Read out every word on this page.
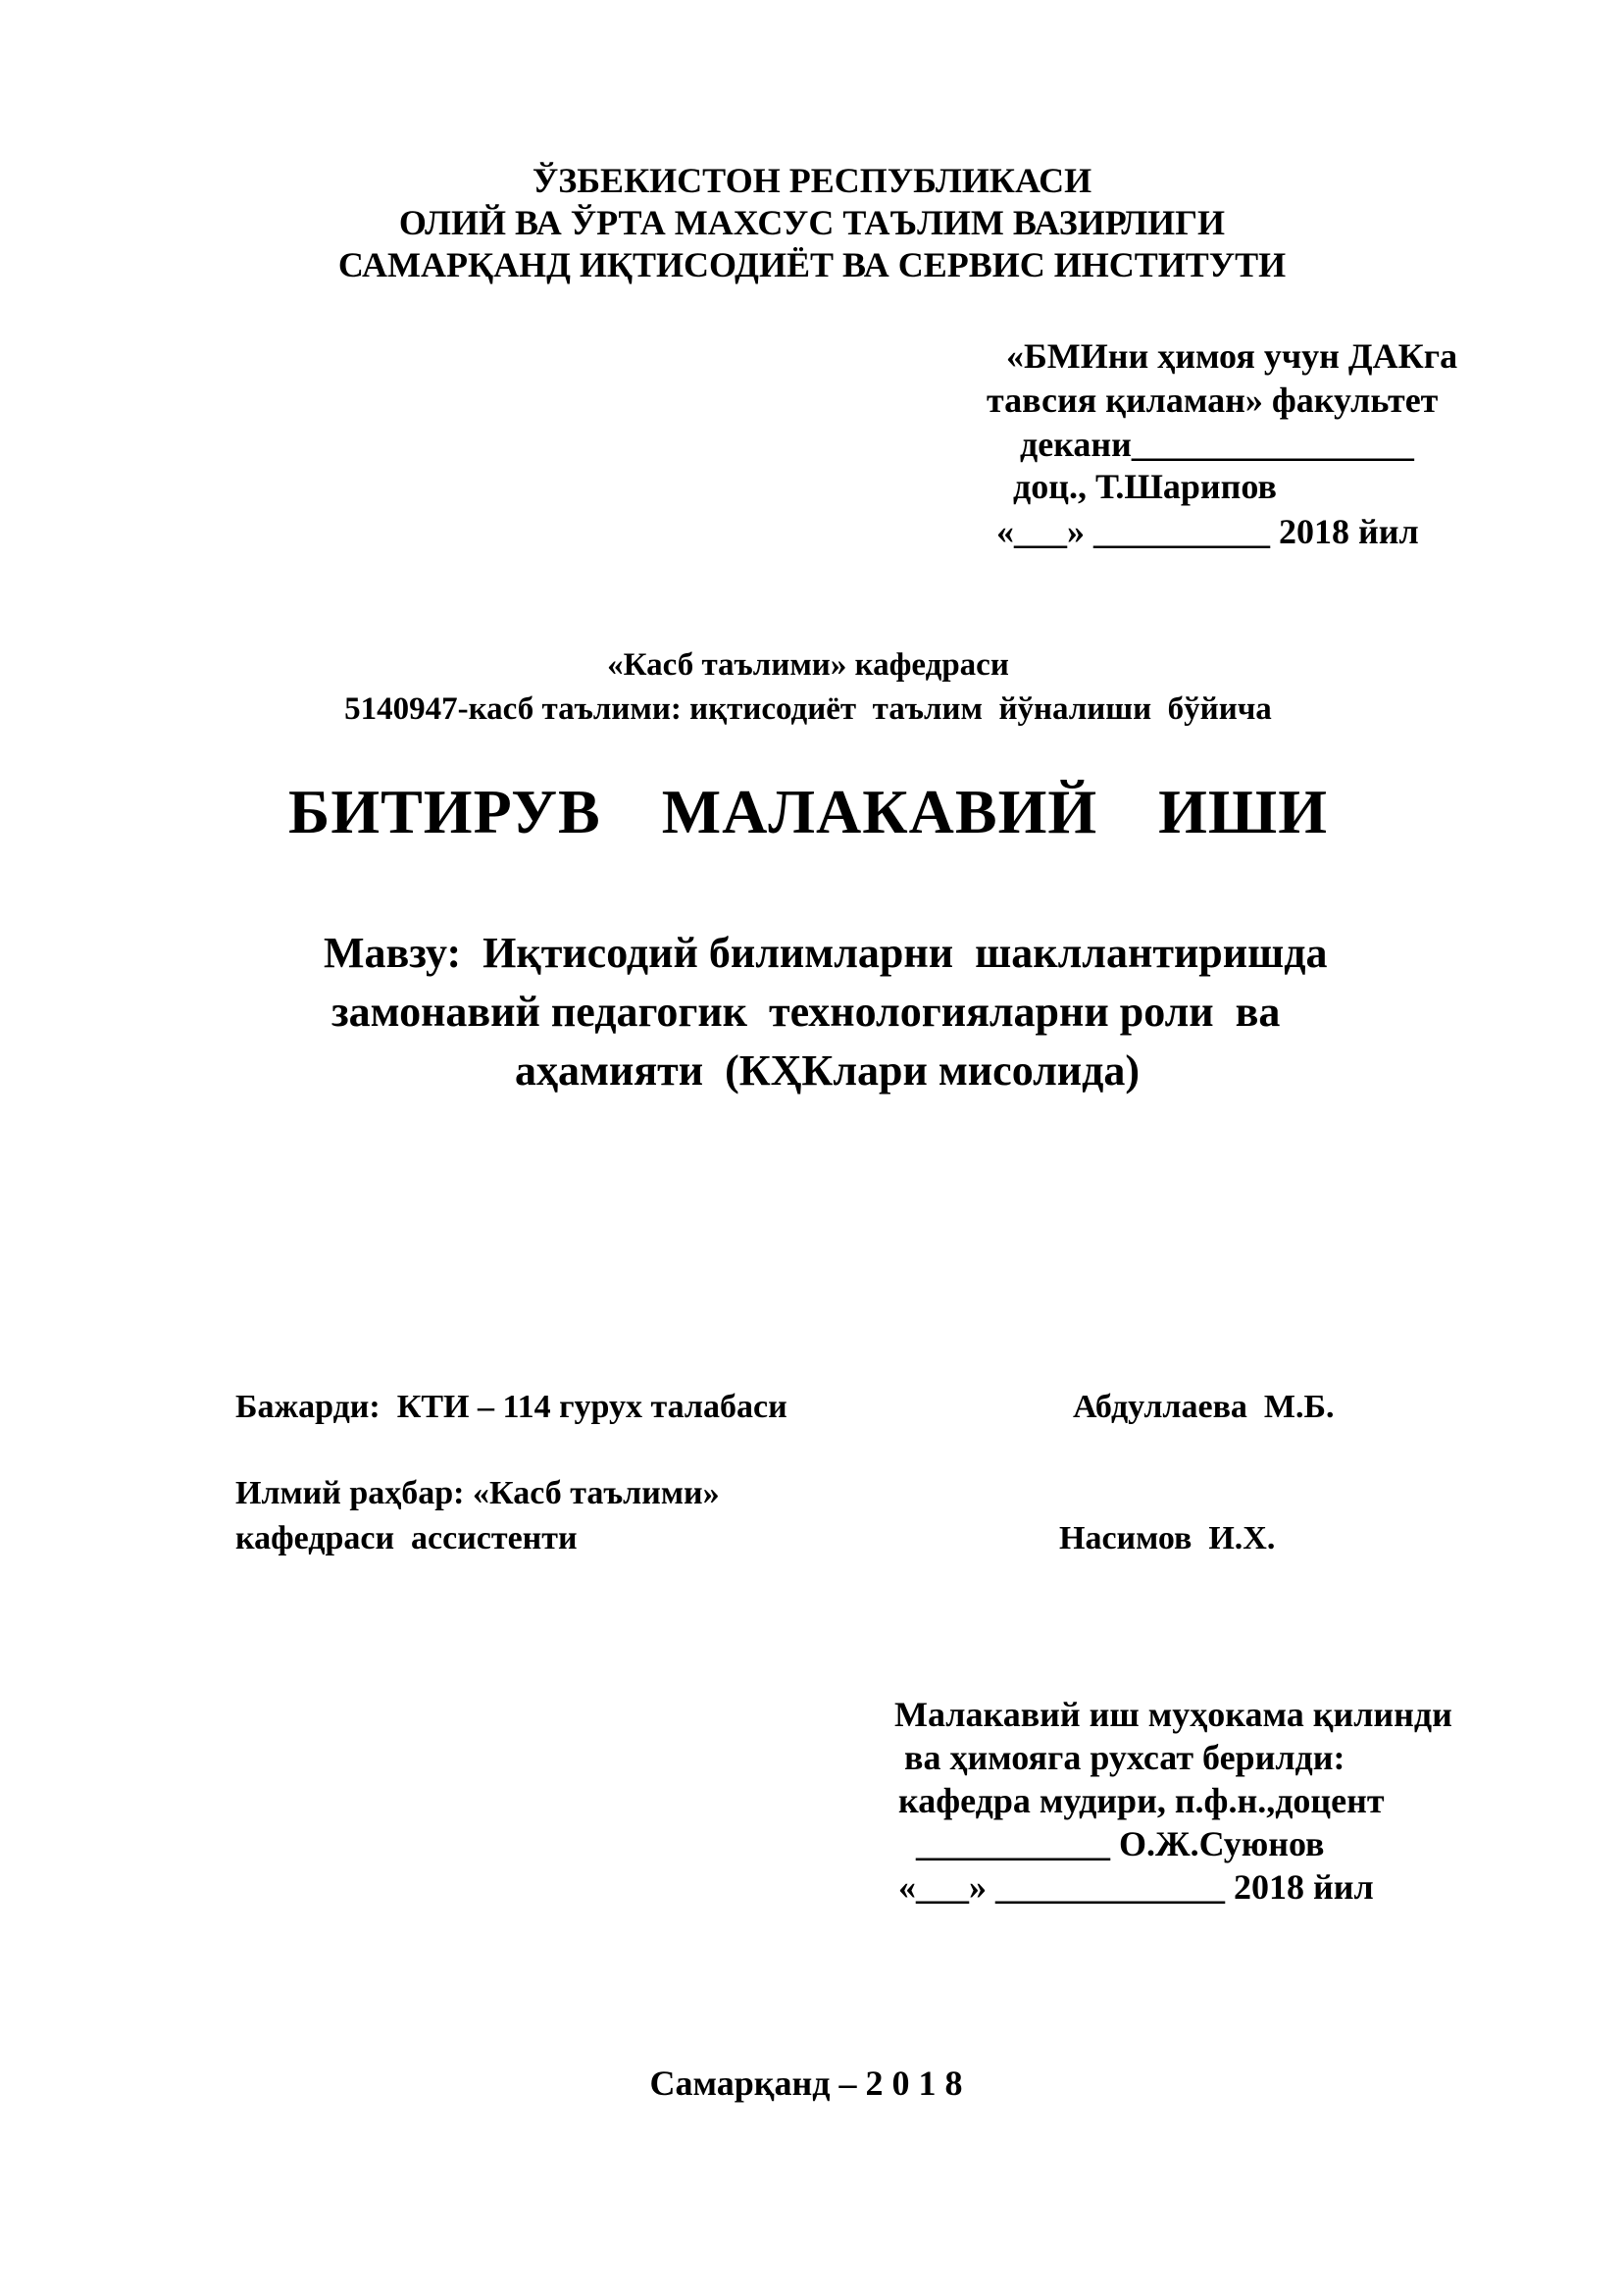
ЎЗБЕКИСТОН РЕСПУБЛИКАСИ
ОЛИЙ ВА ЎРТА МАХСУС ТАЪЛИМ ВАЗИРЛИГИ
САМАРҚАНД ИҚТИСОДИЁТ ВА СЕРВИС ИНСТИТУТИ
«БМИни ҳимоя учун ДАКга
тавсия қиламан» факультет
декани________________
доц., Т.Шарипов
«___» __________ 2018 йил
«Касб таълими» кафедраси
5140947-касб таълими: иқтисодиёт  таълим  йўналиши  бўйича
БИТИРУВ  МАЛАКАВИЙ  ИШИ
Мавзу:  Иқтисодий билимларни  шакллантиришда
замонавий педагогик  технологияларни роли  ва
аҳамияти  (КҲКлари мисолида)
Бажарди:  КТИ – 114 гурух талабаси	Абдуллаева  М.Б.
Илмий раҳбар: «Касб таълими»
кафедраси  ассистенти	Насимов  И.Х.
Малакавий иш муҳокама қилинди
ва ҳимояга рухсат берилди:
кафедра мудири, п.ф.н.,доцент
___________ О.Ж.Суюнов
«___» _____________ 2018 йил
Самарқанд – 2 0 1 8
